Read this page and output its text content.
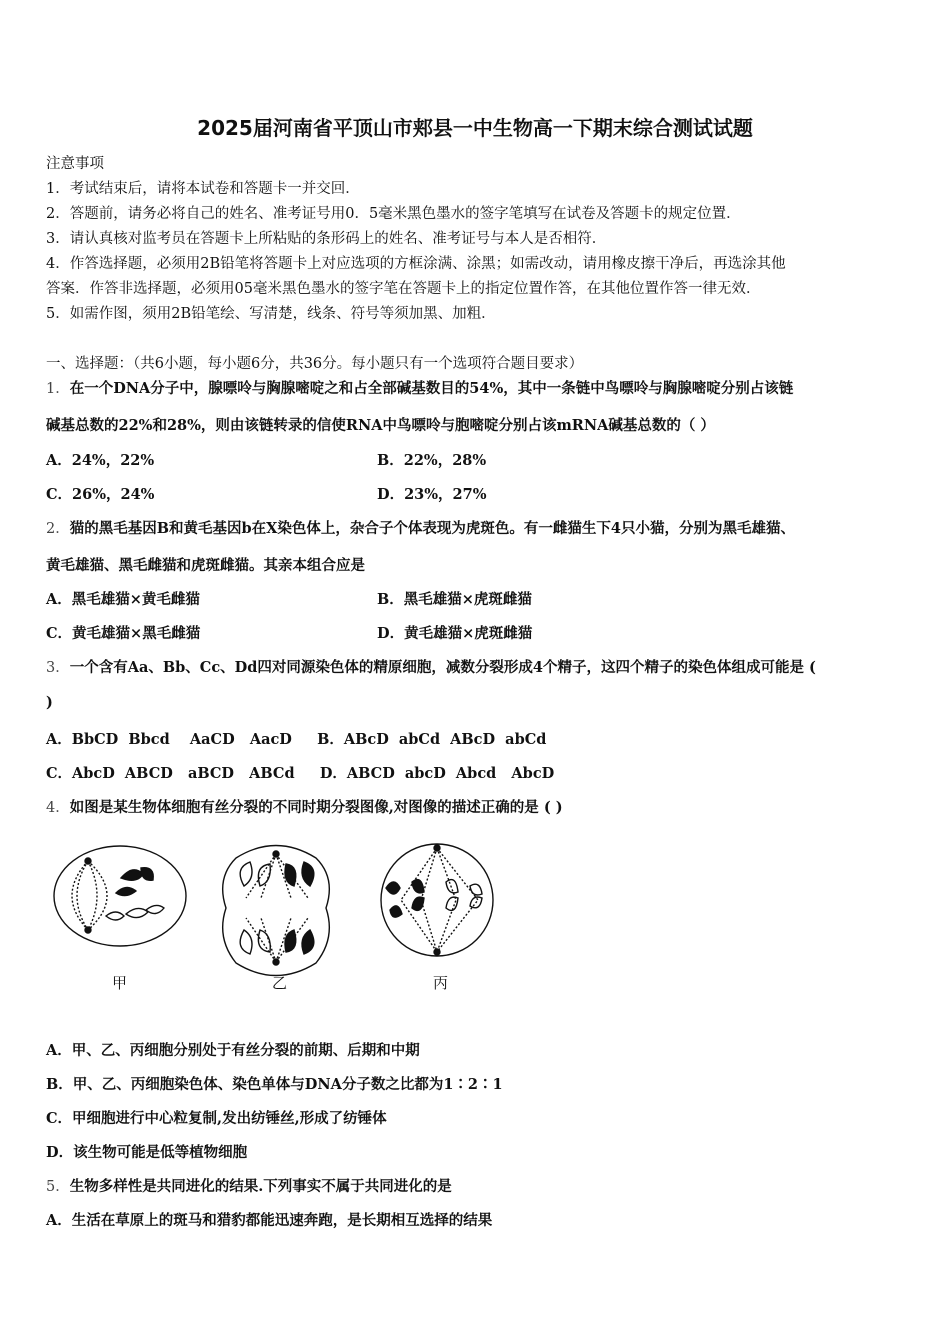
2025届河南省平顶山市郏县一中生物高一下期末综合测试试题
注意事项
1．考试结束后，请将本试卷和答题卡一并交回．
2．答题前，请务必将自己的姓名、准考证号用0．5毫米黑色墨水的签字笔填写在试卷及答题卡的规定位置．
3．请认真核对监考员在答题卡上所粘贴的条形码上的姓名、准考证号与本人是否相符．
4．作答选择题，必须用2B铅笔将答题卡上对应选项的方框涂满、涂黑；如需改动，请用橡皮擦干净后，再选涂其他
答案．作答非选择题，必须用05毫米黑色墨水的签字笔在答题卡上的指定位置作答，在其他位置作答一律无效．
5．如需作图，须用2B铅笔绘、写清楚，线条、符号等须加黑、加粗．
一、选择题：（共6小题，每小题6分，共36分。每小题只有一个选项符合题目要求）
1．在一个DNA分子中，腺嘌呤与胸腺嘧啶之和占全部碱基数目的54%，其中一条链中鸟嘌呤与胸腺嘧啶分别占该链
碱基总数的22%和28%，则由该链转录的信使RNA中鸟嘌呤与胞嘧啶分别占该mRNA碱基总数的（ ）
A．24%，22%	B．22%，28%
C．26%，24%	D．23%，27%
2．猫的黑毛基因B和黄毛基因b在X染色体上，杂合子个体表现为虎斑色。有一雌猫生下4只小猫，分别为黑毛雄猫、
黄毛雄猫、黑毛雌猫和虎斑雌猫。其亲本组合应是
A．黑毛雄猫×黄毛雌猫	B．黑毛雄猫×虎斑雌猫
C．黄毛雄猫×黑毛雌猫	D．黄毛雄猫×虎斑雌猫
3．一个含有Aa、Bb、Cc、Dd四对同源染色体的精原细胞，减数分裂形成4个精子，这四个精子的染色体组成可能是 (
)
A．BbCD  Bbcd    AaCD   AacD     B．ABcD  abCd  ABcD  abCd
C．AbcD  ABCD   aBCD   ABCd     D．ABCD  abcD  Abcd   AbcD
4．如图是某生物体细胞有丝分裂的不同时期分裂图像,对图像的描述正确的是 ( )
甲	乙	丙
A．甲、乙、丙细胞分别处于有丝分裂的前期、后期和中期
B．甲、乙、丙细胞染色体、染色单体与DNA分子数之比都为1∶2∶1
C．甲细胞进行中心粒复制,发出纺锤丝,形成了纺锤体
D．该生物可能是低等植物细胞
5．生物多样性是共同进化的结果.下列事实不属于共同进化的是
A．生活在草原上的斑马和猎豹都能迅速奔跑，是长期相互选择的结果
